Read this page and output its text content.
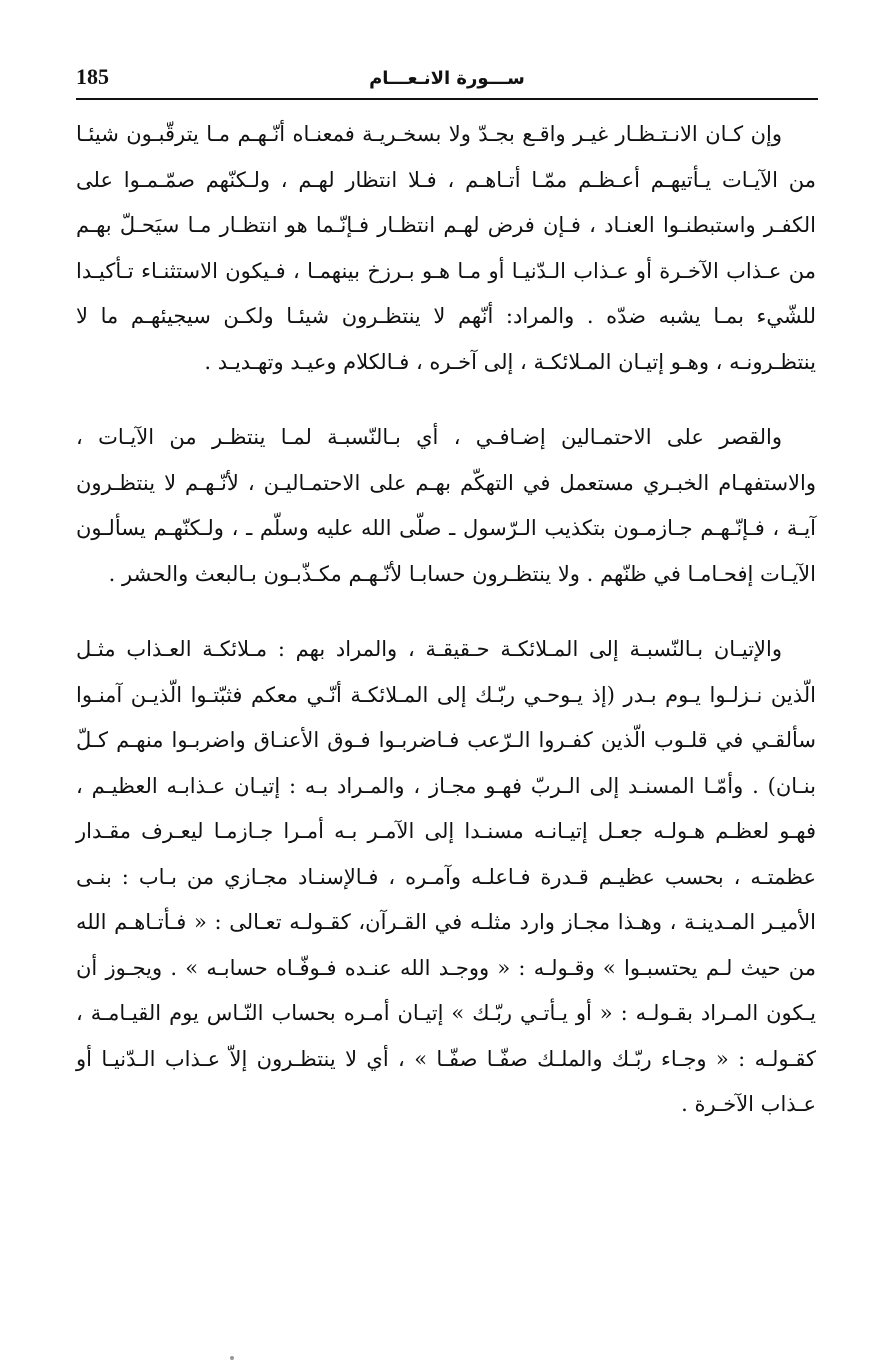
185	ســـورة الانـعـــام

وإن كـان الانـتـظـار غيـر واقـع بجـدّ ولا بسخـريـة فمعنـاه أنّـهـم مـا يترقّبـون شيئـا من الآيـات يـأتيهـم أعـظـم ممّـا أتـاهـم ، فـلا انتظار لهـم ، ولـكنّهم صمّـمـوا على الكفـر واستبطنـوا العنـاد ، فـإن فرض لهـم انتظـار فـإنّـما هو انتظـار مـا سيَحـلّ بهـم من عـذاب الآخـرة أو عـذاب الـدّنيـا أو مـا هـو بـرزخ بينهمـا ، فـيكون الاستثنـاء تـأكيـدا للشّيء بمـا يشبه ضدّه . والمراد: أنّهم لا ينتظـرون شيئـا ولكـن سيجيئهـم ما لا ينتظـرونـه ، وهـو إتيـان المـلائكـة ، إلى آخـره ، فـالكلام وعيـد وتهـديـد .

والقصر على الاحتمـالين إضـافـي ، أي بـالنّسبـة لمـا ينتظـر من الآيـات ، والاستفهـام الخبـري مستعمل في التهكّم بهـم على الاحتمـاليـن ، لأنّـهـم لا ينتظـرون آيـة ، فـإنّـهـم جـازمـون بتكذيب الـرّسول ـ صلّى الله عليه وسلّم ـ ، ولـكنّهـم يسألـون الآيـات إفحـامـا في ظنّهم . ولا ينتظـرون حسابـا لأنّـهـم مكـذّبـون بـالبعث والحشر .

والإتيـان بـالنّسبـة إلى المـلائكـة حـقيقـة ، والمراد بهم : مـلائكـة العـذاب مثـل الّذين نـزلـوا يـوم بـدر (إذ يـوحـي ربّـك إلى المـلائكـة أنّـي معكم فثبّتـوا الّذيـن آمنـوا سألقـي في قلـوب الّذين كفـروا الـرّعب فـاضربـوا فـوق الأعنـاق واضربـوا منهـم كـلّ بنـان) . وأمّـا المسنـد إلى الـربّ فهـو مجـاز ، والمـراد بـه : إتيـان عـذابـه العظيـم ، فهـو لعظـم هـولـه جعـل إتيـانـه مسنـدا إلى الآمـر بـه أمـرا جـازمـا ليعـرف مقـدار عظمتـه ، بحسب عظيـم قـدرة فـاعلـه وآمـره ، فـالإسنـاد مجـازي من بـاب : بنـى الأميـر المـدينـة ، وهـذا مجـاز وارد مثلـه في القـرآن، كقـولـه تعـالى : « فـأتـاهـم الله من حيث لـم يحتسبـوا » وقـولـه : « ووجـد الله عنـده فـوفّـاه حسابـه » . ويجـوز أن يـكون المـراد بقـولـه : « أو يـأتـي ربّـك » إتيـان أمـره بحساب النّـاس يوم القيـامـة ، كقـولـه : « وجـاء ربّـك والملـك صفّـا صفّـا » ، أي لا ينتظـرون إلاّ عـذاب الـدّنيـا أو عـذاب الآخـرة .
